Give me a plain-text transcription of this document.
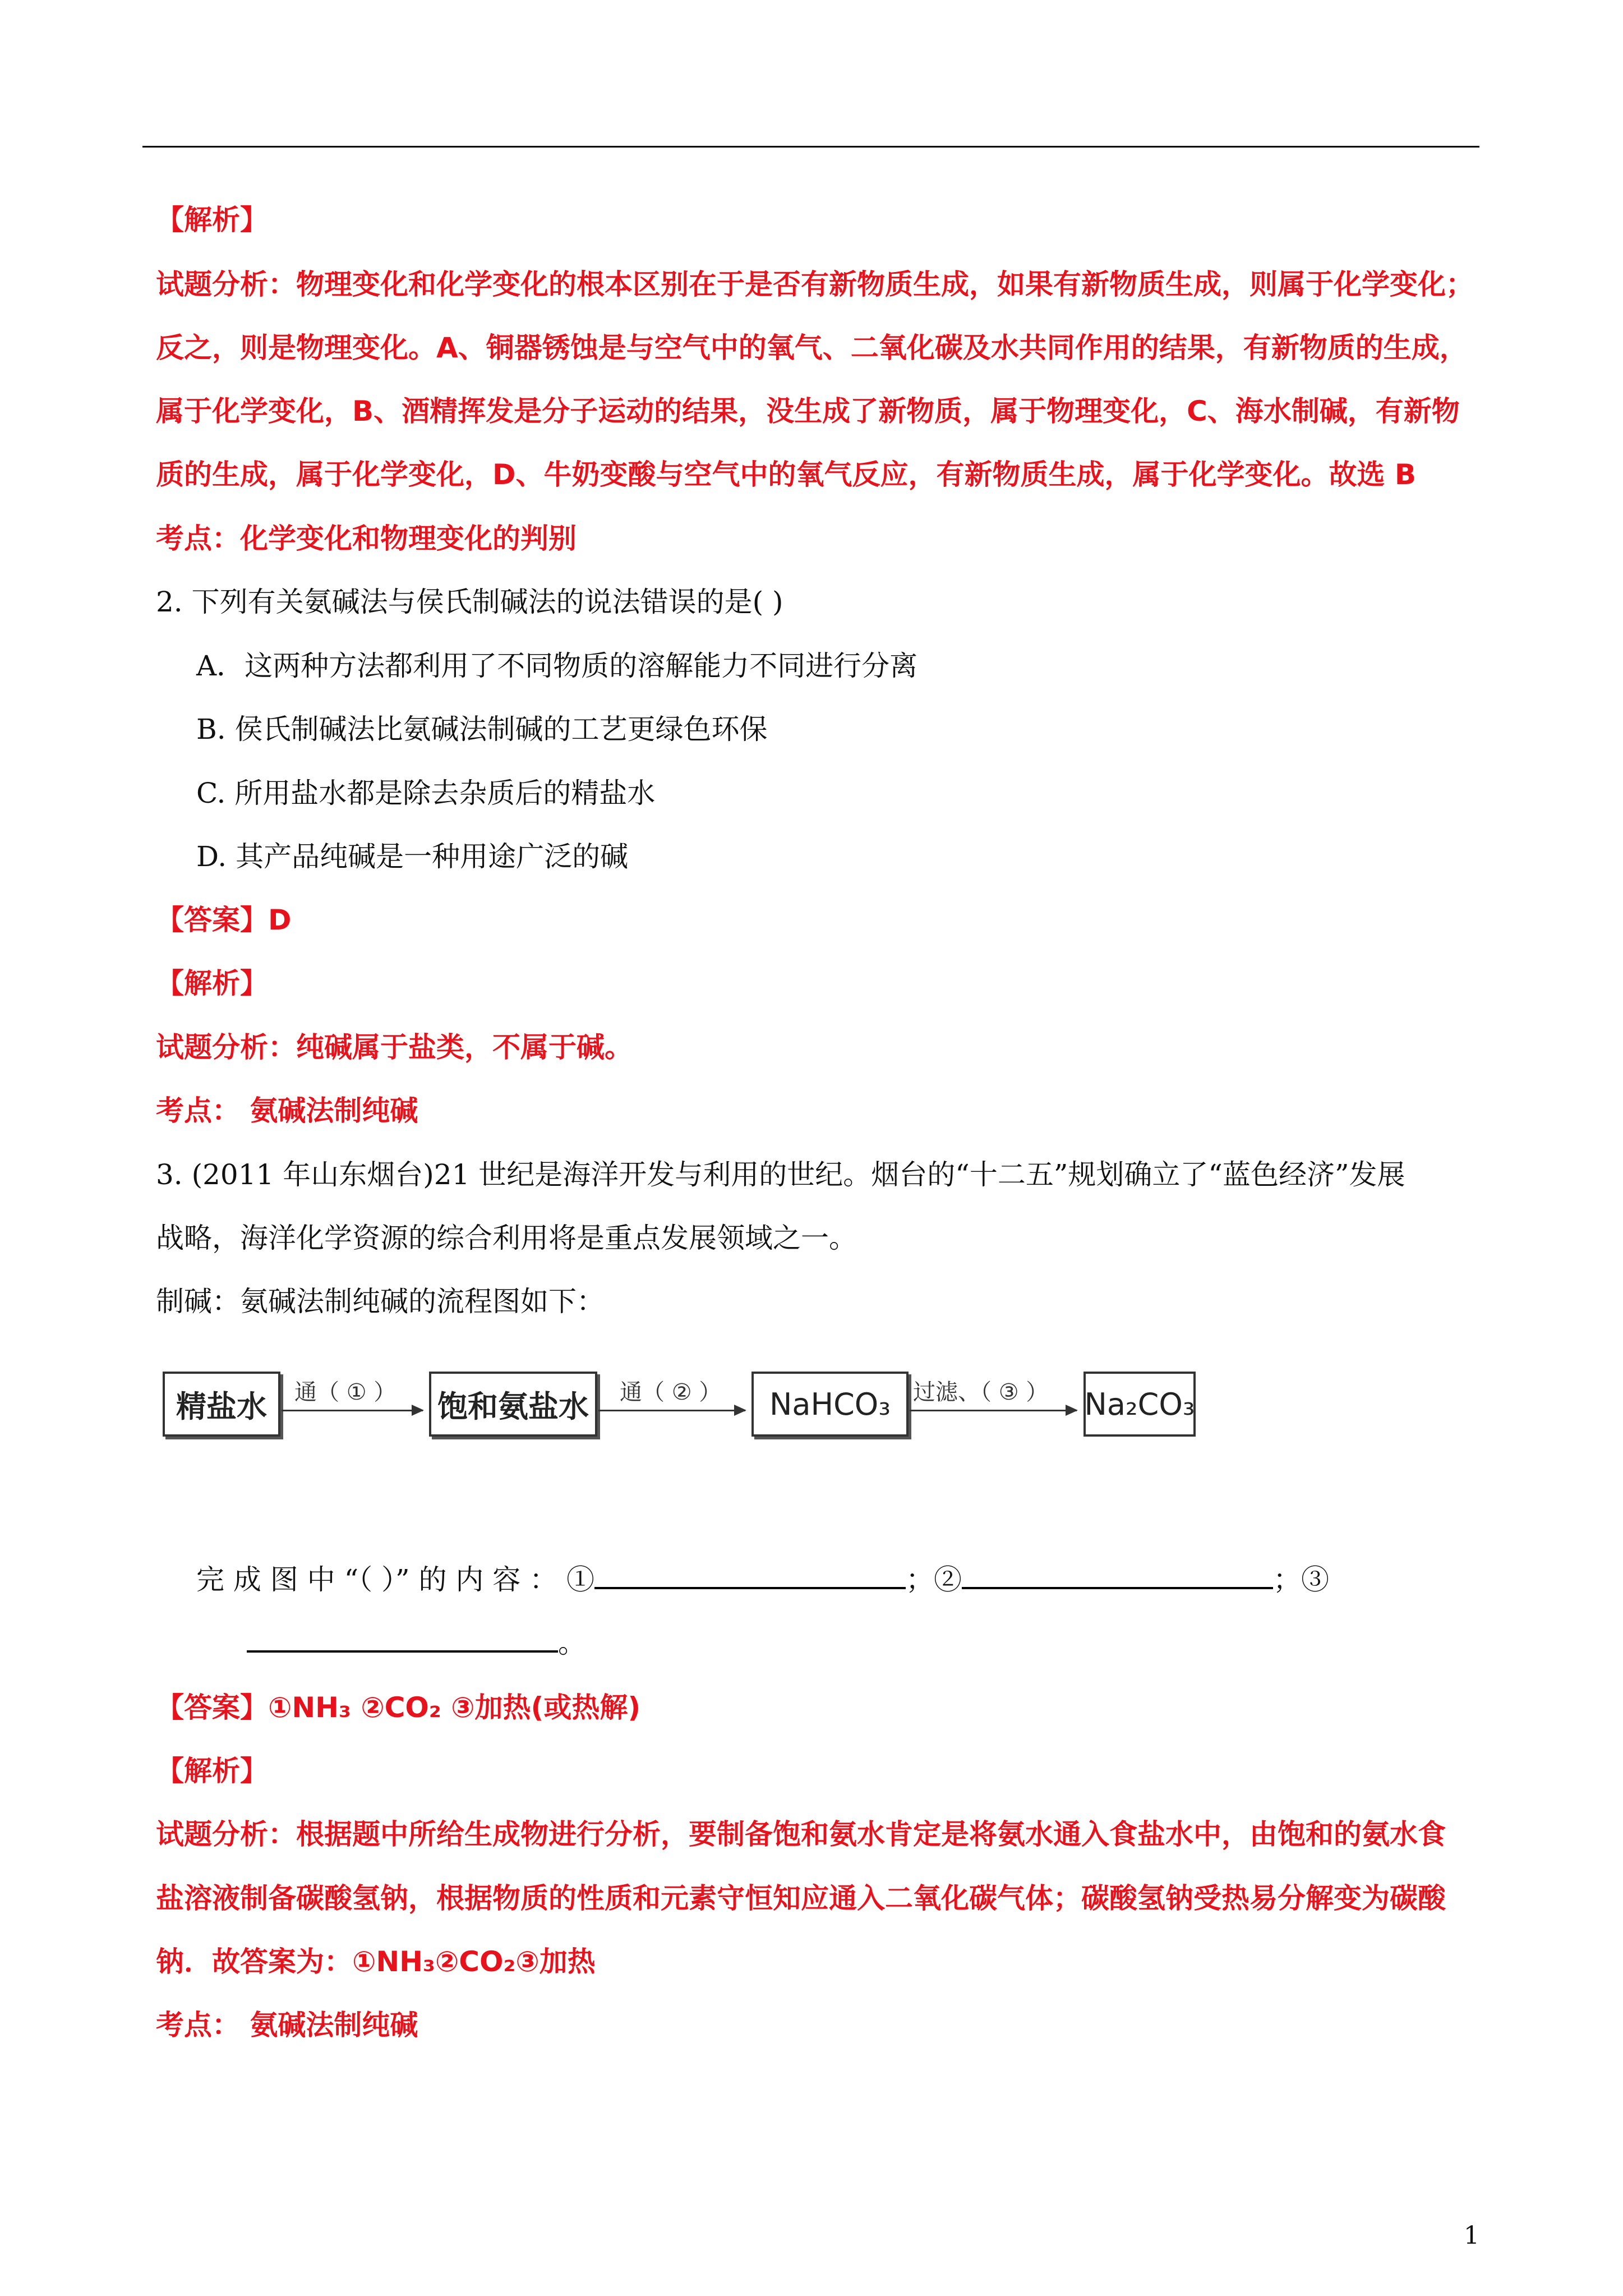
【解析】
试题分析：物理变化和化学变化的根本区别在于是否有新物质生成，如果有新物质生成，则属于化学变化；
反之，则是物理变化。A、铜器锈蚀是与空气中的氧气、二氧化碳及水共同作用的结果，有新物质的生成，
属于化学变化，B、酒精挥发是分子运动的结果，没生成了新物质，属于物理变化，C、海水制碱，有新物
质的生成，属于化学变化，D、牛奶变酸与空气中的氧气反应，有新物质生成，属于化学变化。故选 B
考点：化学变化和物理变化的判别
2. 下列有关氨碱法与侯氏制碱法的说法错误的是( )
A．这两种方法都利用了不同物质的溶解能力不同进行分离
B. 侯氏制碱法比氨碱法制碱的工艺更绿色环保
C. 所用盐水都是除去杂质后的精盐水
D. 其产品纯碱是一种用途广泛的碱
【答案】D
【解析】
试题分析：纯碱属于盐类，不属于碱。
考点： 氨碱法制纯碱
3. (2011 年山东烟台)21 世纪是海洋开发与利用的世纪。烟台的“十二五”规划确立了“蓝色经济”发展
战略，海洋化学资源的综合利用将是重点发展领域之一。
制碱：氨碱法制纯碱的流程图如下：
精盐水	通（ ① ） 饱和氨盐水	通（ ② ）	NaHCO₃	过滤、（ ③ ） Na₂CO₃
完 成 图 中 “（ ）” 的 内 容 ： ①	；②	；③
。
【答案】①NH₃ ②CO₂ ③加热(或热解)
【解析】
试题分析：根据题中所给生成物进行分析，要制备饱和氨水肯定是将氨水通入食盐水中，由饱和的氨水食
盐溶液制备碳酸氢钠，根据物质的性质和元素守恒知应通入二氧化碳气体；碳酸氢钠受热易分解变为碳酸
钠．故答案为：①NH₃②CO₂③加热
考点： 氨碱法制纯碱
1
